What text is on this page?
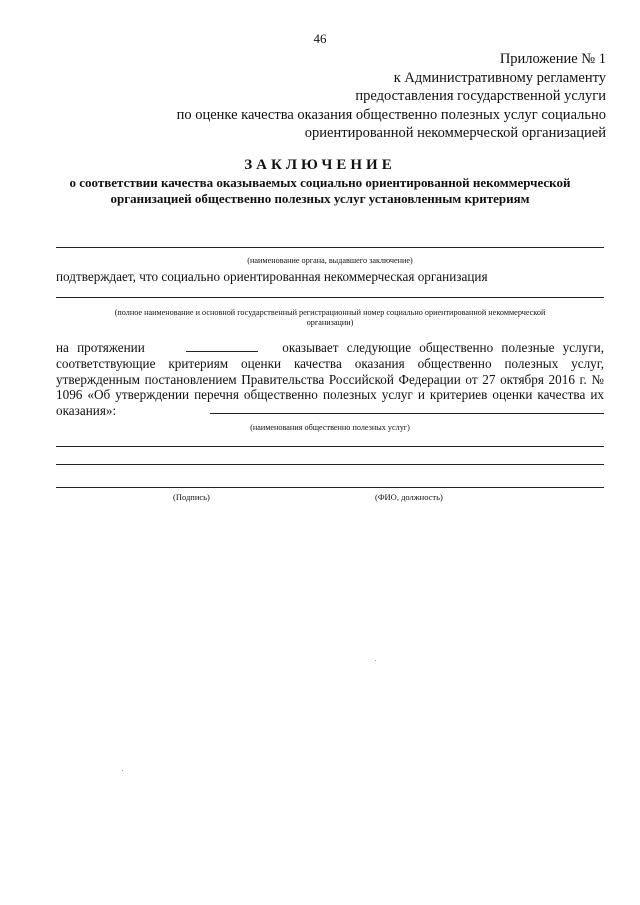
46
Приложение № 1
к Административному регламенту
предоставления государственной услуги
по оценке качества оказания общественно полезных услуг социально
ориентированной некоммерческой организацией
ЗАКЛЮЧЕНИЕ
о соответствии качества оказываемых социально ориентированной некоммерческой
организацией общественно полезных услуг установленным критериям
(наименование органа, выдавшего заключение)
подтверждает, что социально ориентированная некоммерческая организация
(полное наименование и основной государственный регистрационный номер социально ориентированной некоммерческой
организации)
на протяжении	оказывает следующие общественно полезные услуги, соответствующие критериям оценки качества оказания общественно полезных услуг, утвержденным постановлением Правительства Российской Федерации от 27 октября 2016 г. № 1096 «Об утверждении перечня общественно полезных услуг и критериев оценки качества их оказания»:
(наименования общественно полезных услуг)
(Подпись)	(ФИО, должность)
